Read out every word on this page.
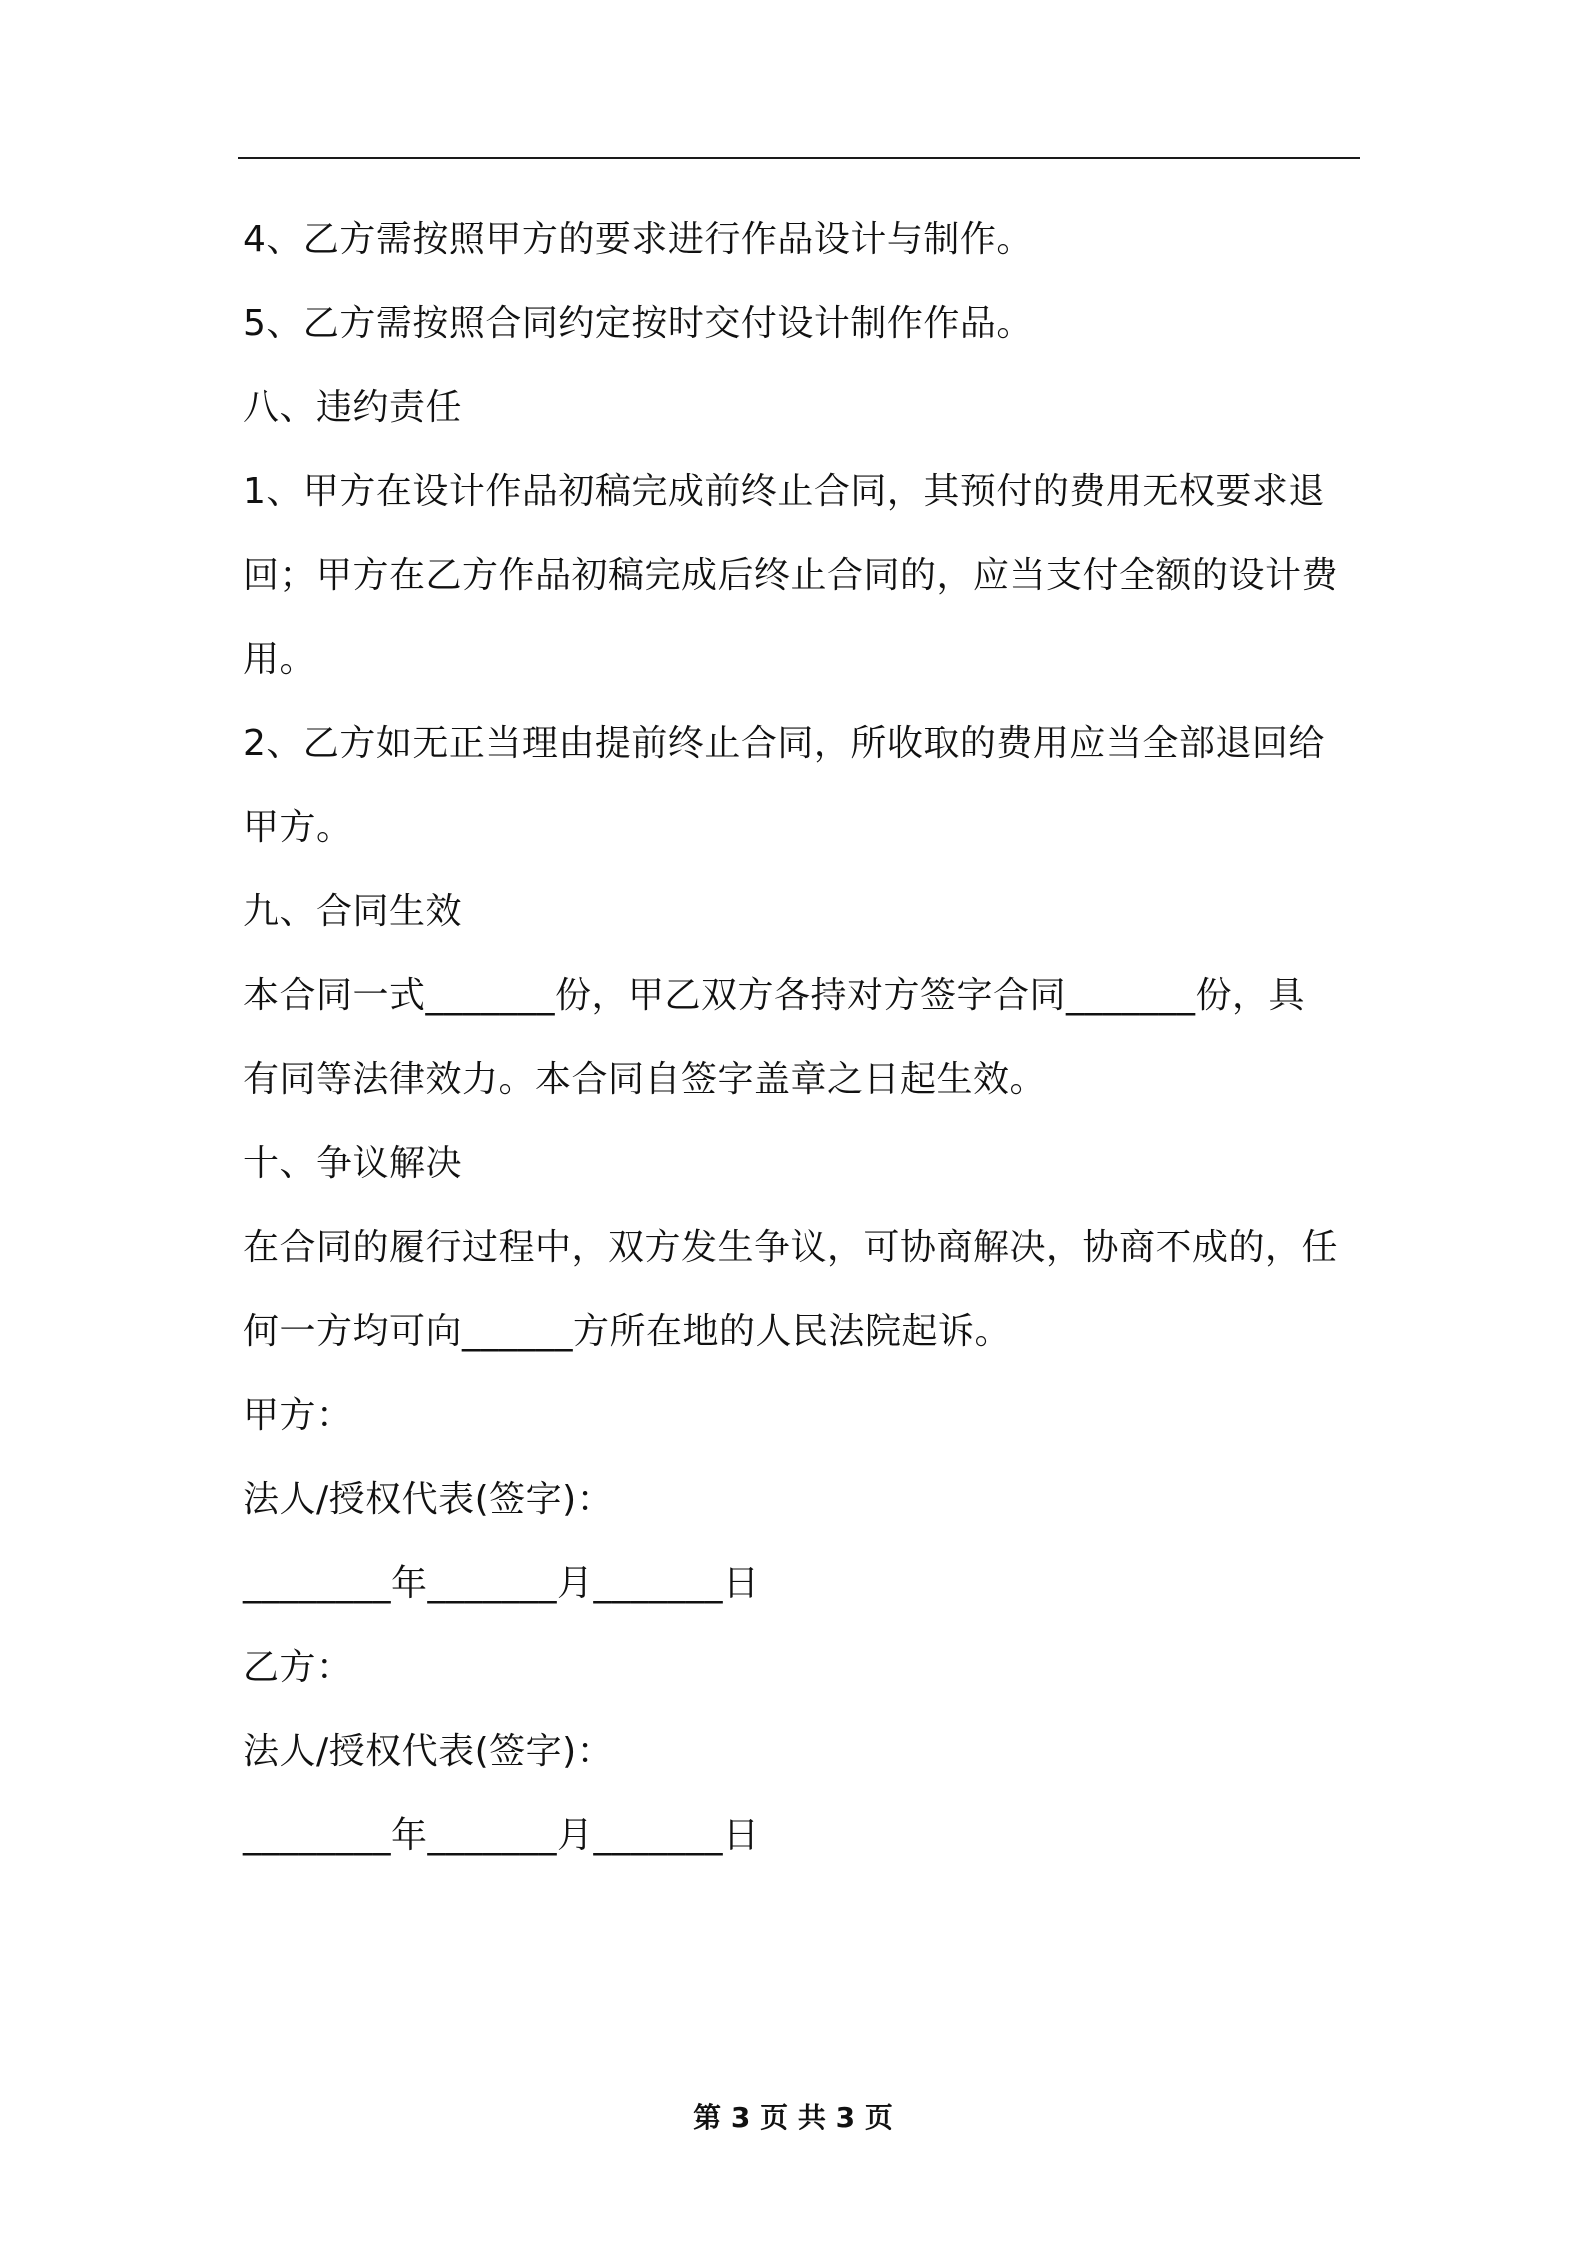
4、乙方需按照甲方的要求进行作品设计与制作。
5、乙方需按照合同约定按时交付设计制作作品。
八、违约责任
1、甲方在设计作品初稿完成前终止合同，其预付的费用无权要求退
回；甲方在乙方作品初稿完成后终止合同的，应当支付全额的设计费
用。
2、乙方如无正当理由提前终止合同，所收取的费用应当全部退回给
甲方。
九、合同生效
本合同一式_______份，甲乙双方各持对方签字合同_______份，具
有同等法律效力。本合同自签字盖章之日起生效。
十、争议解决
在合同的履行过程中，双方发生争议，可协商解决，协商不成的，任
何一方均可向______方所在地的人民法院起诉。
甲方：
法人/授权代表(签字)：
________年_______月_______日
乙方：
法人/授权代表(签字)：
________年_______月_______日
第 3 页 共 3 页
